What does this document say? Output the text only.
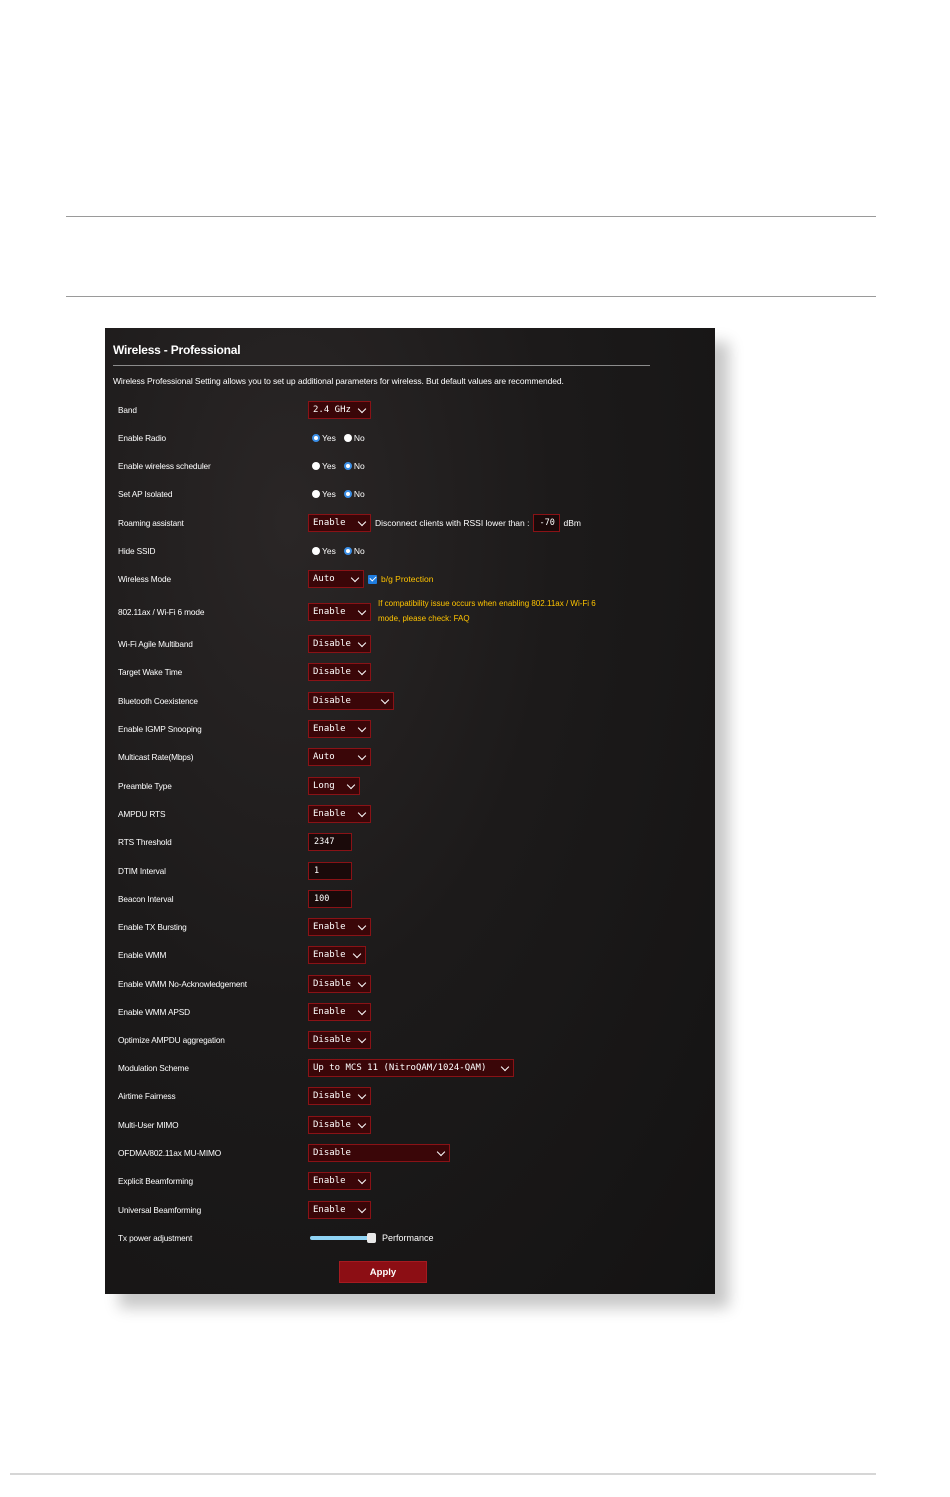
Wireless - Professional
Wireless Professional Setting allows you to set up additional parameters for wireless. But default values are recommended.
Band	2.4 GHz
Enable Radio	Yes No
Enable wireless scheduler	Yes No
Set AP Isolated	Yes No
Roaming assistant	Enable	Disconnect clients with RSSI lower than : -70 dBm
Hide SSID	Yes No
Wireless Mode	Auto	b/g Protection
802.11ax / Wi-Fi 6 mode	Enable
If compatibility issue occurs when enabling 802.11ax / Wi-Fi 6
mode, please check: FAQ
Wi-Fi Agile Multiband	Disable
Target Wake Time	Disable
Bluetooth Coexistence	Disable
Enable IGMP Snooping	Enable
Multicast Rate(Mbps)	Auto
Preamble Type	Long
AMPDU RTS	Enable
RTS Threshold	2347
DTIM Interval	1
Beacon Interval	100
Enable TX Bursting	Enable
Enable WMM	Enable
Enable WMM No-Acknowledgement	Disable
Enable WMM APSD	Enable
Optimize AMPDU aggregation	Disable
Modulation Scheme	Up to MCS 11 (NitroQAM/1024-QAM)
Airtime Fairness	Disable
Multi-User MIMO	Disable
OFDMA/802.11ax MU-MIMO	Disable
Explicit Beamforming	Enable
Universal Beamforming	Enable
Tx power adjustment	Performance
Apply
